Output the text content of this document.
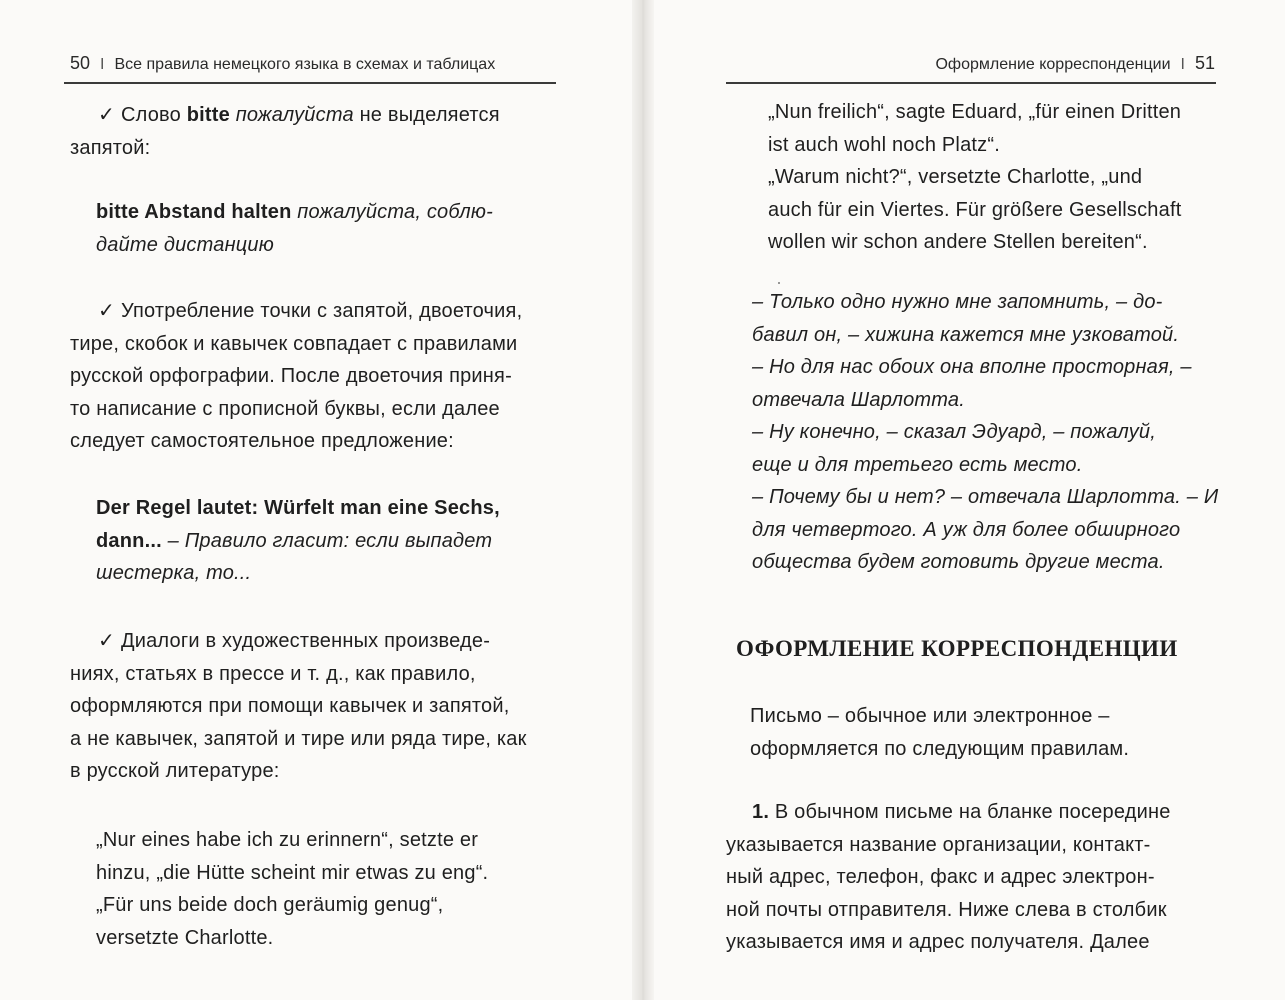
50 I Все правила немецкого языка в схемах и таблицах
✓ Слово bitte пожалуйста не выделяется
запятой:
bitte Abstand halten пожалуйста, соблю-
дайте дистанцию
✓ Употребление точки с запятой, двоеточия,
тире, скобок и кавычек совпадает с правилами
русской орфографии. После двоеточия приня-
то написание с прописной буквы, если далее
следует самостоятельное предложение:
Der Regel lautet: Würfelt man eine Sechs,
dann... – Правило гласит: если выпадет
шестерка, то...
✓ Диалоги в художественных произведе-
ниях, статьях в прессе и т. д., как правило,
оформляются при помощи кавычек и запятой,
а не кавычек, запятой и тире или ряда тире, как
в русской литературе:
„Nur eines habe ich zu erinnern“, setzte er
hinzu, „die Hütte scheint mir etwas zu eng“.
„Für uns beide doch geräumig genug“,
versetzte Charlotte.
Оформление корреспонденции I 51
„Nun freilich“, sagte Eduard, „für einen Dritten
ist auch wohl noch Platz“.
„Warum nicht?“, versetzte Charlotte, „und
auch für ein Viertes. Für größere Gesellschaft
wollen wir schon andere Stellen bereiten“.
– Только одно нужно мне запомнить, – до-
бавил он, – хижина кажется мне узковатой.
– Но для нас обоих она вполне просторная, –
отвечала Шарлотта.
– Ну конечно, – сказал Эдуард, – пожалуй,
еще и для третьего есть место.
– Почему бы и нет? – отвечала Шарлотта. – И
для четвертого. А уж для более обширного
общества будем готовить другие места.
ОФОРМЛЕНИЕ КОРРЕСПОНДЕНЦИИ
Письмо – обычное или электронное –
оформляется по следующим правилам.
1. В обычном письме на бланке посередине
указывается название организации, контакт-
ный адрес, телефон, факс и адрес электрон-
ной почты отправителя. Ниже слева в столбик
указывается имя и адрес получателя. Далее
